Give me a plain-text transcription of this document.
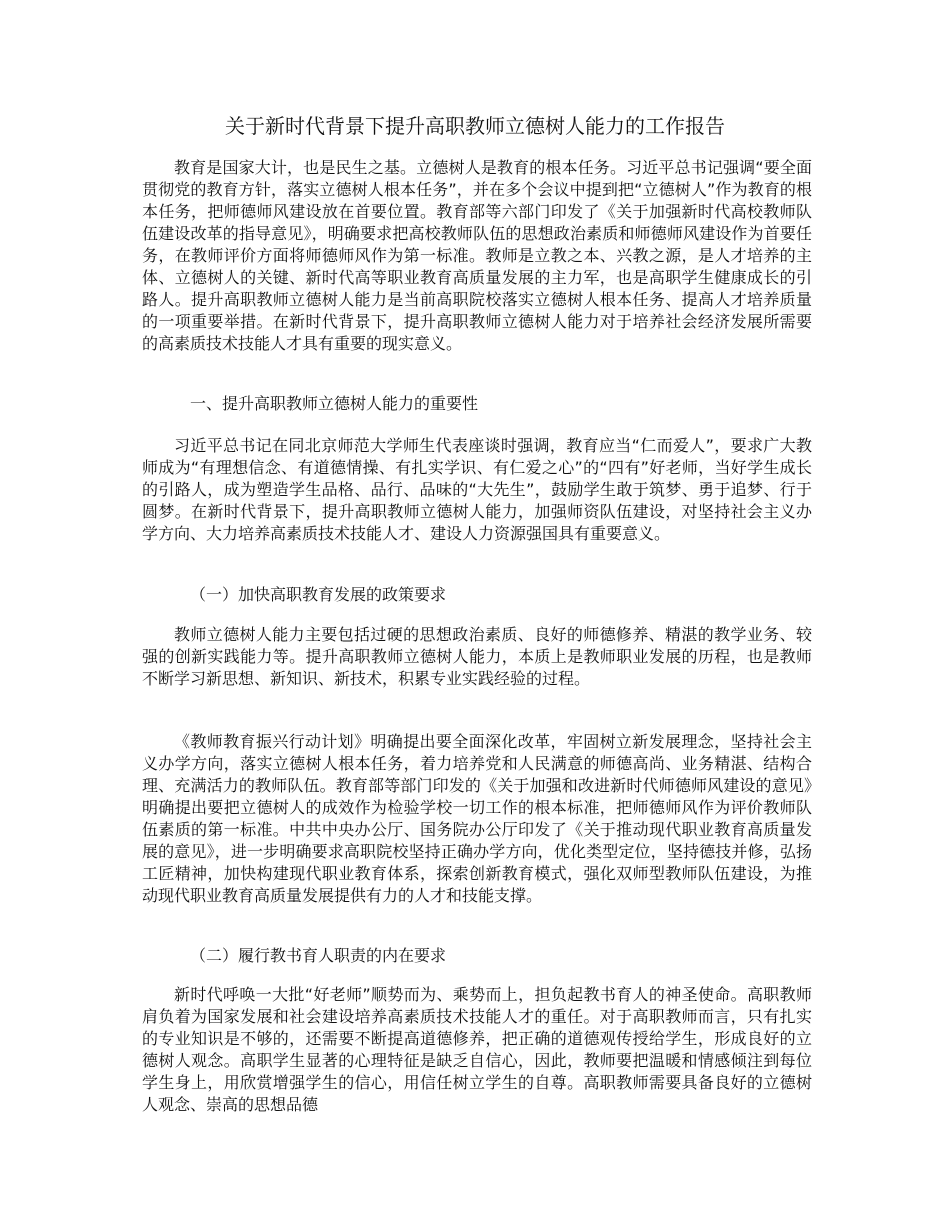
关于新时代背景下提升高职教师立德树人能力的工作报告

教育是国家大计，也是民生之基。立德树人是教育的根本任务。习近平总书记强调“要全面贯彻党的教育方针，落实立德树人根本任务”，并在多个会议中提到把“立德树人”作为教育的根本任务，把师德师风建设放在首要位置。教育部等六部门印发了《关于加强新时代高校教师队伍建设改革的指导意见》，明确要求把高校教师队伍的思想政治素质和师德师风建设作为首要任务，在教师评价方面将师德师风作为第一标准。教师是立教之本、兴教之源，是人才培养的主体、立德树人的关键、新时代高等职业教育高质量发展的主力军，也是高职学生健康成长的引路人。提升高职教师立德树人能力是当前高职院校落实立德树人根本任务、提高人才培养质量的一项重要举措。在新时代背景下，提升高职教师立德树人能力对于培养社会经济发展所需要的高素质技术技能人才具有重要的现实意义。

一、提升高职教师立德树人能力的重要性

习近平总书记在同北京师范大学师生代表座谈时强调，教育应当“仁而爱人”，要求广大教师成为“有理想信念、有道德情操、有扎实学识、有仁爱之心”的“四有”好老师，当好学生成长的引路人，成为塑造学生品格、品行、品味的“大先生”，鼓励学生敢于筑梦、勇于追梦、行于圆梦。在新时代背景下，提升高职教师立德树人能力，加强师资队伍建设，对坚持社会主义办学方向、大力培养高素质技术技能人才、建设人力资源强国具有重要意义。

（一）加快高职教育发展的政策要求

教师立德树人能力主要包括过硬的思想政治素质、良好的师德修养、精湛的教学业务、较强的创新实践能力等。提升高职教师立德树人能力，本质上是教师职业发展的历程，也是教师不断学习新思想、新知识、新技术，积累专业实践经验的过程。

《教师教育振兴行动计划》明确提出要全面深化改革，牢固树立新发展理念，坚持社会主义办学方向，落实立德树人根本任务，着力培养党和人民满意的师德高尚、业务精湛、结构合理、充满活力的教师队伍。教育部等部门印发的《关于加强和改进新时代师德师风建设的意见》明确提出要把立德树人的成效作为检验学校一切工作的根本标准，把师德师风作为评价教师队伍素质的第一标准。中共中央办公厅、国务院办公厅印发了《关于推动现代职业教育高质量发展的意见》，进一步明确要求高职院校坚持正确办学方向，优化类型定位，坚持德技并修，弘扬工匠精神，加快构建现代职业教育体系，探索创新教育模式，强化双师型教师队伍建设，为推动现代职业教育高质量发展提供有力的人才和技能支撑。

（二）履行教书育人职责的内在要求

新时代呼唤一大批“好老师”顺势而为、乘势而上，担负起教书育人的神圣使命。高职教师肩负着为国家发展和社会建设培养高素质技术技能人才的重任。对于高职教师而言，只有扎实的专业知识是不够的，还需要不断提高道德修养，把正确的道德观传授给学生，形成良好的立德树人观念。高职学生显著的心理特征是缺乏自信心，因此，教师要把温暖和情感倾注到每位学生身上，用欣赏增强学生的信心，用信任树立学生的自尊。高职教师需要具备良好的立德树人观念、崇高的思想品德
